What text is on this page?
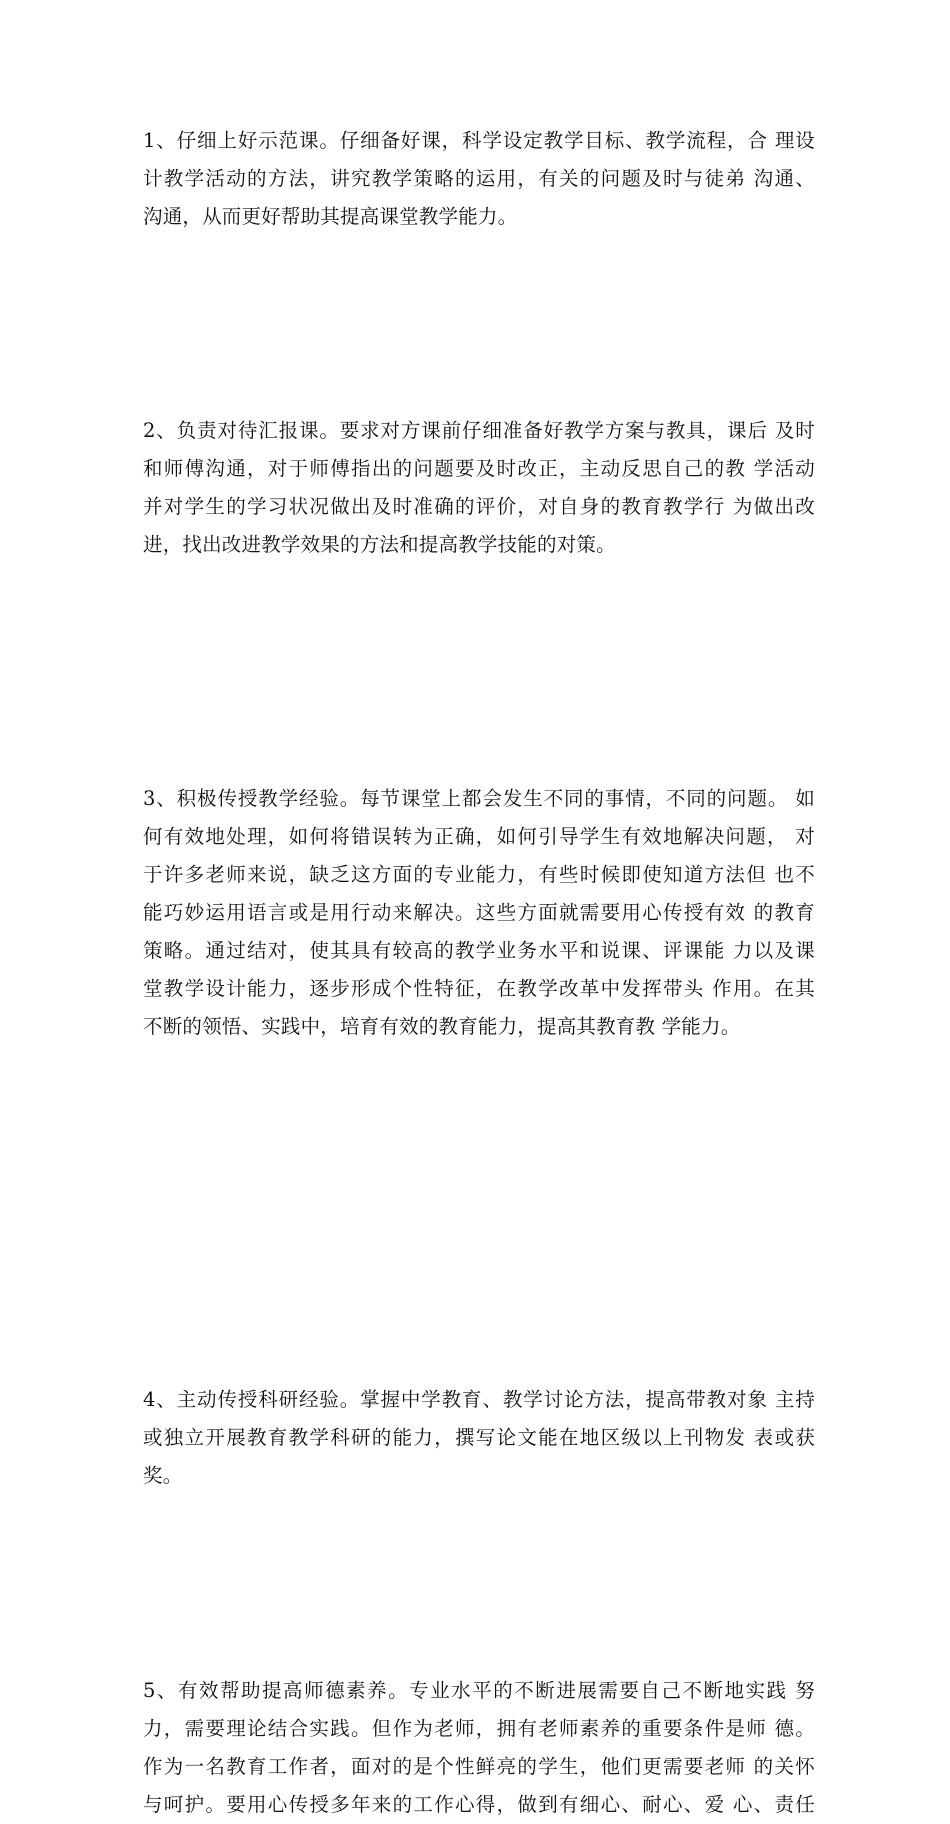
1、仔细上好示范课。仔细备好课，科学设定教学目标、教学流程，合 理设
计教学活动的方法，讲究教学策略的运用，有关的问题及时与徒弟 沟通、
沟通，从而更好帮助其提高课堂教学能力。
2、负责对待汇报课。要求对方课前仔细准备好教学方案与教具，课后 及时
和师傅沟通，对于师傅指出的问题要及时改正，主动反思自己的教 学活动
并对学生的学习状况做出及时准确的评价，对自身的教育教学行 为做出改
进，找出改进教学效果的方法和提高教学技能的对策。
3、积极传授教学经验。每节课堂上都会发生不同的事情，不同的问题。 如
何有效地处理，如何将错误转为正确，如何引导学生有效地解决问题， 对
于许多老师来说，缺乏这方面的专业能力，有些时候即使知道方法但 也不
能巧妙运用语言或是用行动来解决。这些方面就需要用心传授有效 的教育
策略。通过结对，使其具有较高的教学业务水平和说课、评课能 力以及课
堂教学设计能力，逐步形成个性特征，在教学改革中发挥带头 作用。在其
不断的领悟、实践中，培育有效的教育能力，提高其教育教 学能力。
4、主动传授科研经验。掌握中学教育、教学讨论方法，提高带教对象 主持
或独立开展教育教学科研的能力，撰写论文能在地区级以上刊物发 表或获
奖。
5、有效帮助提高师德素养。专业水平的不断进展需要自己不断地实践 努
力，需要理论结合实践。但作为老师，拥有老师素养的重要条件是师 德。
作为一名教育工作者，面对的是个性鲜亮的学生，他们更需要老师 的关怀
与呵护。要用心传授多年来的工作心得，做到有细心、耐心、爱 心、责任
